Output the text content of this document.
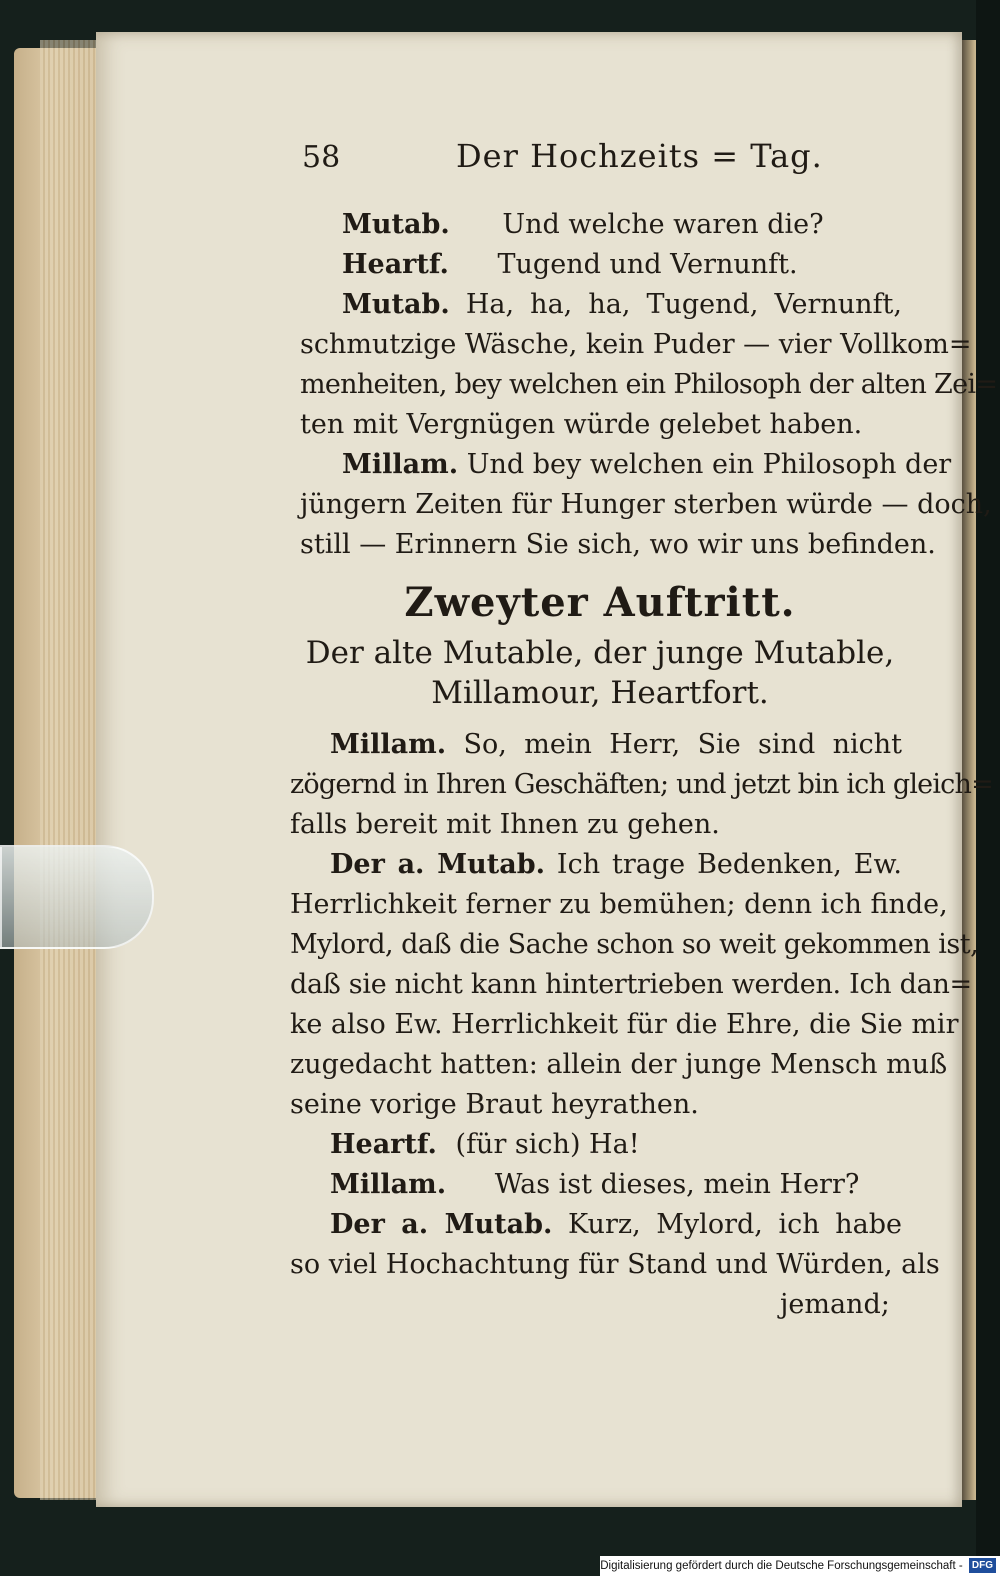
58	Der Hochzeits = Tag.
Mutab. Und welche waren die?
Heartf. Tugend und Vernunft.
Mutab. Ha, ha, ha, Tugend, Vernunft,
schmutzige Wäsche, kein Puder — vier Vollkom=
menheiten, bey welchen ein Philosoph der alten Zei=
ten mit Vergnügen würde gelebet haben.
Millam. Und bey welchen ein Philosoph der
jüngern Zeiten für Hunger sterben würde — doch,
still — Erinnern Sie sich, wo wir uns befinden.
Zweyter Auftritt.
Der alte Mutable, der junge Mutable,
Millamour, Heartfort.
Millam. So, mein Herr, Sie sind nicht
zögernd in Ihren Geschäften; und jetzt bin ich gleich=
falls bereit mit Ihnen zu gehen.
Der a. Mutab. Ich trage Bedenken, Ew.
Herrlichkeit ferner zu bemühen; denn ich finde,
Mylord, daß die Sache schon so weit gekommen ist,
daß sie nicht kann hintertrieben werden. Ich dan=
ke also Ew. Herrlichkeit für die Ehre, die Sie mir
zugedacht hatten: allein der junge Mensch muß
seine vorige Braut heyrathen.
Heartf. (für sich) Ha!
Millam. Was ist dieses, mein Herr?
Der a. Mutab. Kurz, Mylord, ich habe
so viel Hochachtung für Stand und Würden, als
jemand;
Digitalisierung gefördert durch die Deutsche Forschungsgemeinschaft - DFG
